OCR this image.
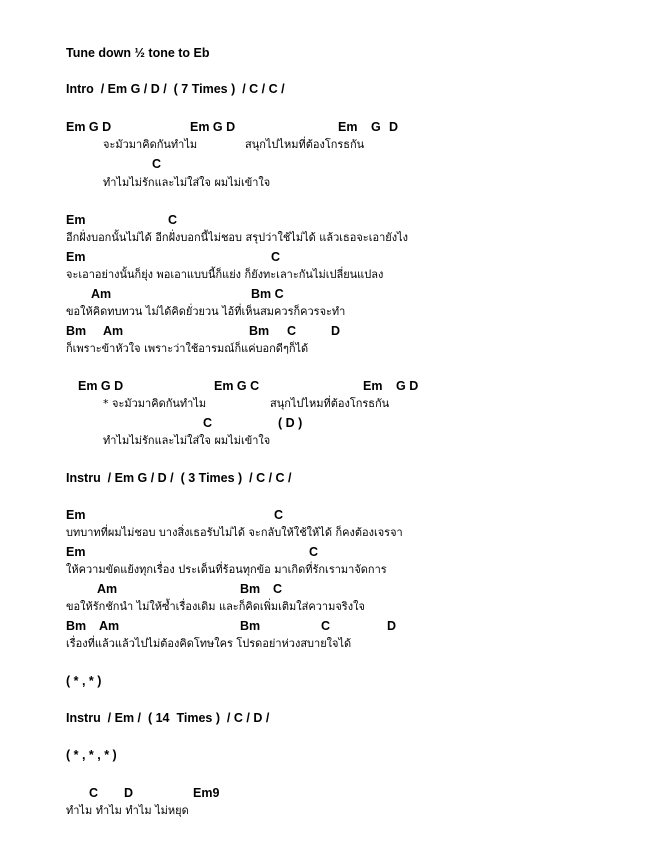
Tune down ½ tone to Eb
Intro  / Em G / D /  ( 7 Times )  / C / C /
Em G D	Em G D	Em G D
จะมัวมาคิดกันทำไม	สนุกไปไหมที่ต้องโกรธกัน
C
ทำไมไม่รักและไม่ใส่ใจ ผมไม่เข้าใจ
Em	C
อีกฝั่งบอกนั้นไม่ได้ อีกฝั่งบอกนี้ไม่ชอบ สรุปว่าใช้ไม่ได้ แล้วเธอจะเอายังไง
Em	C
จะเอาอย่างนั้นก็ยุ่ง พอเอาแบบนี้ก็แย่ง ก็ยังทะเลาะกันไม่เปลี่ยนแปลง
Am	Bm C
ขอให้คิดทบทวน ไม่ได้คิดยั่วยวน ไอ้ที่เห็นสมควรก็ควรจะทำ
Bm Am	Bm C	D
ก็เพราะข้าหัวใจ เพราะว่าใช้อารมณ์ก็แค่บอกดีๆก็ได้
Em G D	Em G C	Em G D
* จะมัวมาคิดกันทำไม	สนุกไปไหมที่ต้องโกรธกัน
C	( D )
ทำไมไม่รักและไม่ใส่ใจ ผมไม่เข้าใจ
Instru  / Em G / D /  ( 3 Times )  / C / C /
Em	C
บทบาทที่ผมไม่ชอบ บางสิ่งเธอรับไม่ได้ จะกลับให้ใช้ให้ได้ ก็คงต้องเจรจา
Em	C
ให้ความขัดแย้งทุกเรื่อง ประเด็นที่ร้อนทุกข้อ มาเกิดที่รักเรามาจัดการ
Am	Bm C
ขอให้รักชักนำ ไม่ให้ซ้ำเรื่องเดิม และก็คิดเพิ่มเติมใส่ความจริงใจ
Bm Am	Bm	C	D
เรื่องที่แล้วแล้วไปไม่ต้องคิดโทษใคร โปรดอย่าห่วงสบายใจได้
( * , * )
Instru  / Em /  ( 14  Times )  / C / D /
( * , * , * )
C D	Em9
ทำไม ทำไม ทำไม ไม่หยุด
